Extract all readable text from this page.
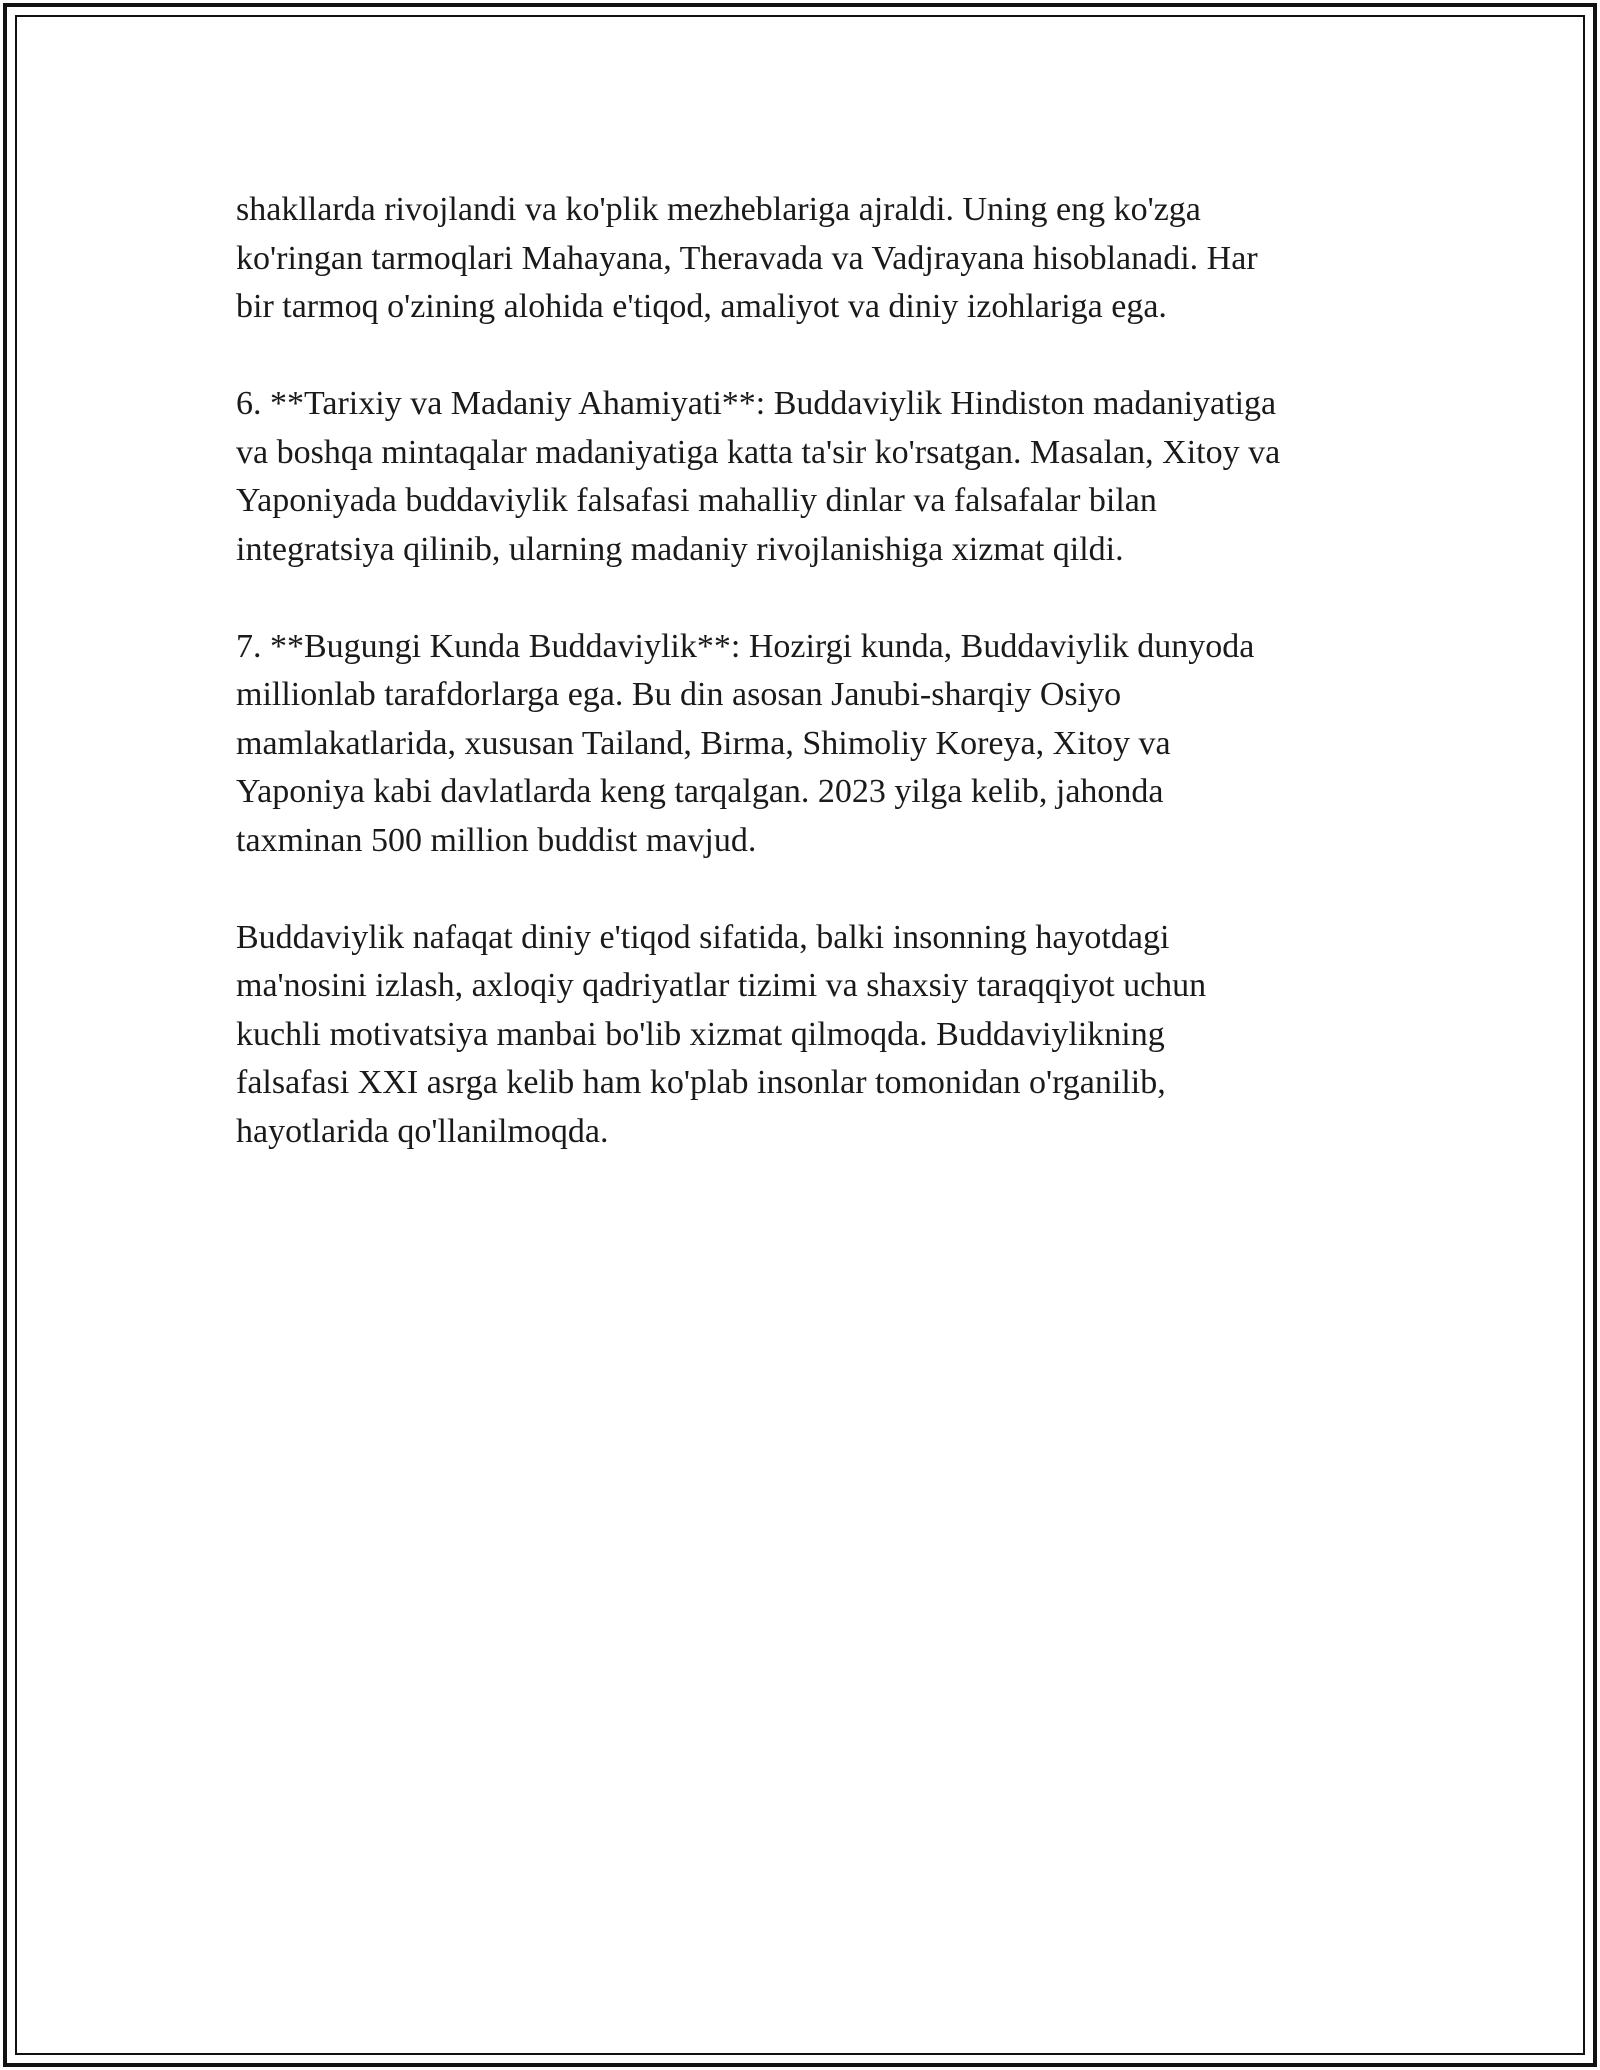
shakllarda rivojlandi va ko'plik mezheblariga ajraldi. Uning eng ko'zga
ko'ringan tarmoqlari Mahayana, Theravada va Vadjrayana hisoblanadi. Har
bir tarmoq o'zining alohida e'tiqod, amaliyot va diniy izohlariga ega.

6. **Tarixiy va Madaniy Ahamiyati**: Buddaviylik Hindiston madaniyatiga
va boshqa mintaqalar madaniyatiga katta ta'sir ko'rsatgan. Masalan, Xitoy va
Yaponiyada buddaviylik falsafasi mahalliy dinlar va falsafalar bilan
integratsiya qilinib, ularning madaniy rivojlanishiga xizmat qildi.

7. **Bugungi Kunda Buddaviylik**: Hozirgi kunda, Buddaviylik dunyoda
millionlab tarafdorlarga ega. Bu din asosan Janubi-sharqiy Osiyo
mamlakatlarida, xususan Tailand, Birma, Shimoliy Koreya, Xitoy va
Yaponiya kabi davlatlarda keng tarqalgan. 2023 yilga kelib, jahonda
taxminan 500 million buddist mavjud.

Buddaviylik nafaqat diniy e'tiqod sifatida, balki insonning hayotdagi
ma'nosini izlash, axloqiy qadriyatlar tizimi va shaxsiy taraqqiyot uchun
kuchli motivatsiya manbai bo'lib xizmat qilmoqda. Buddaviylikning
falsafasi XXI asrga kelib ham ko'plab insonlar tomonidan o'rganilib,
hayotlarida qo'llanilmoqda.
